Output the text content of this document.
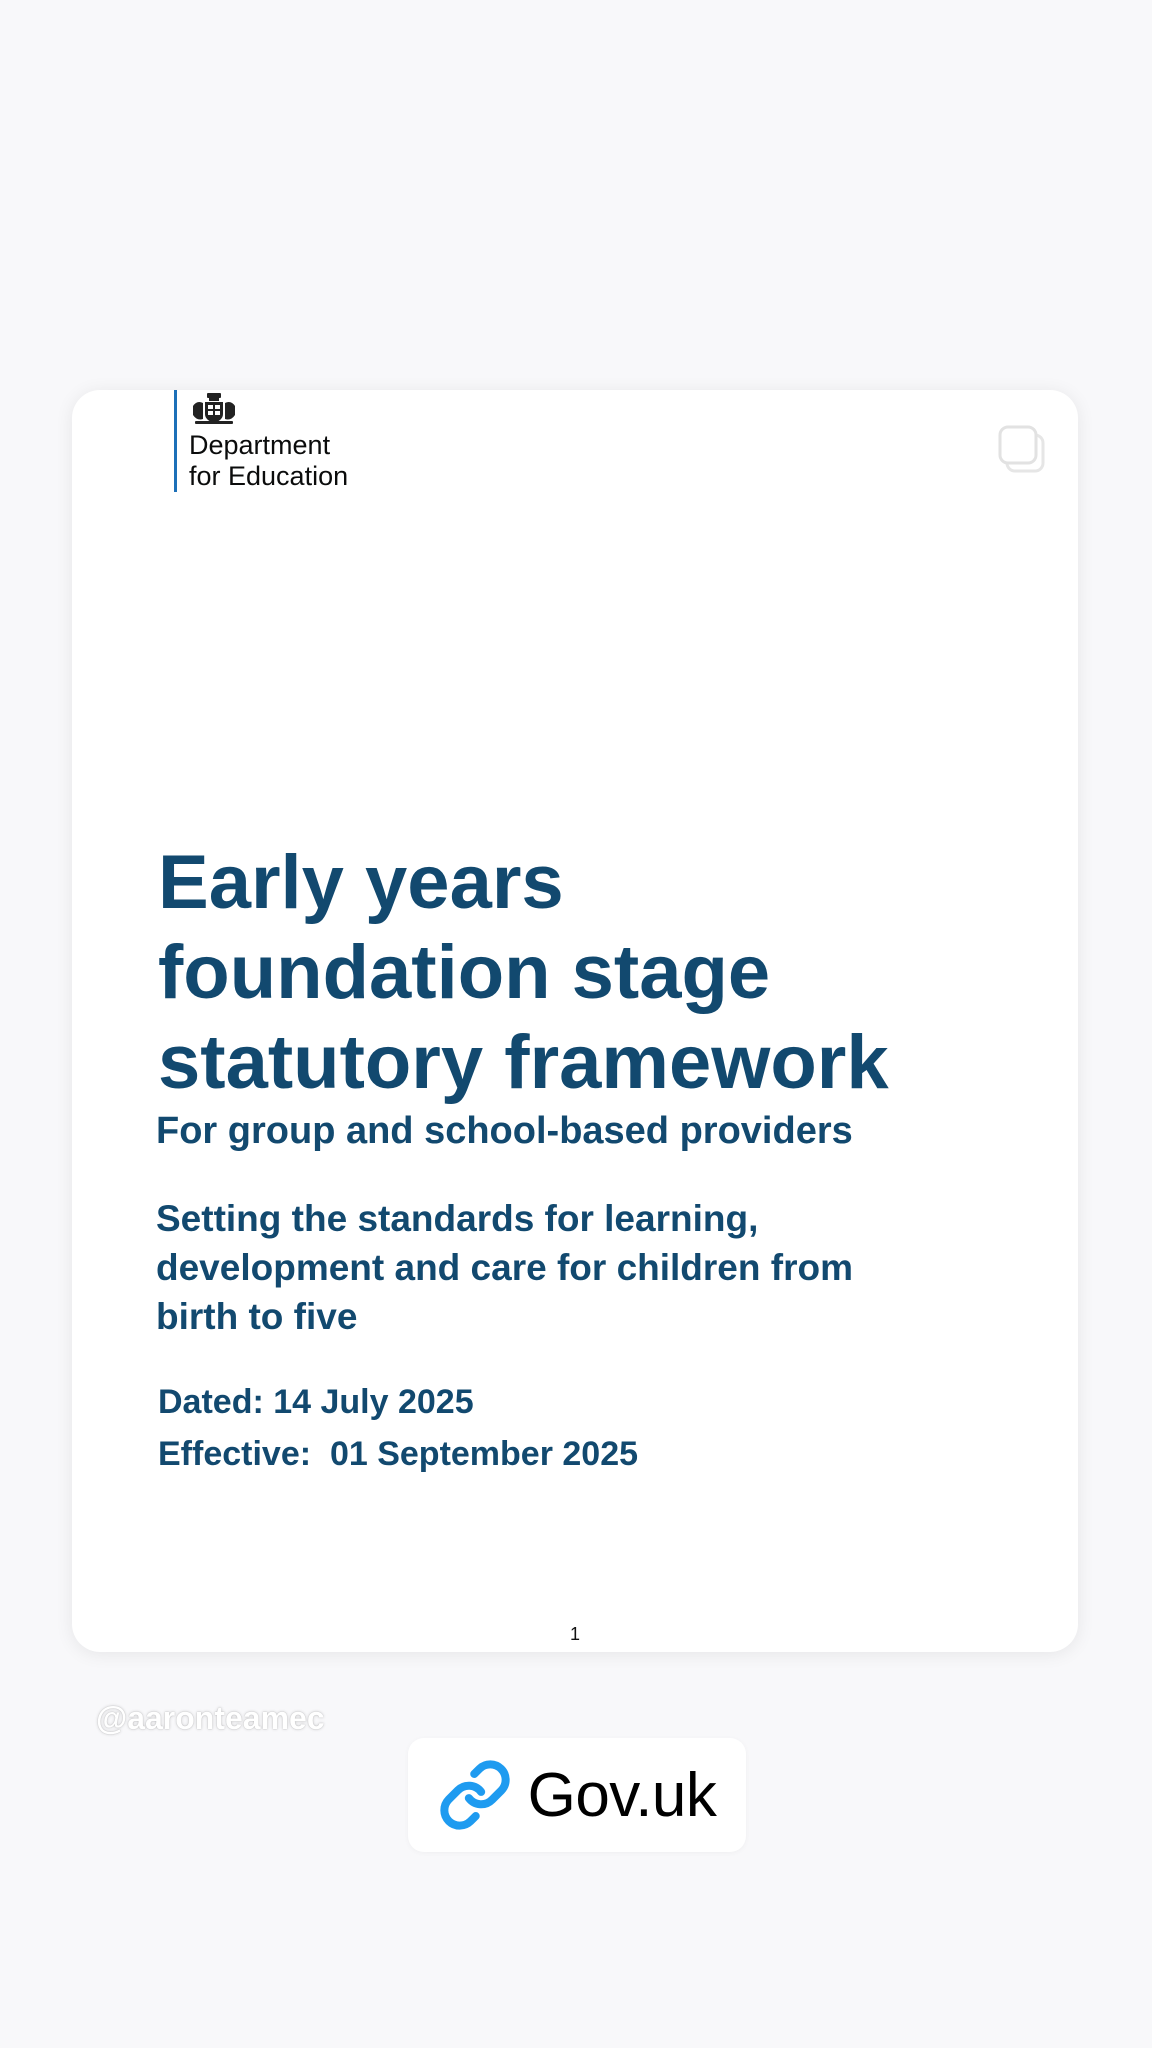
Department
for Education
Early years
foundation stage
statutory framework

For group and school-based providers

Setting the standards for learning,
development and care for children from
birth to five

Dated: 14 July 2025

Effective:  01 September 2025

1
@aaronteamec
Gov.uk
